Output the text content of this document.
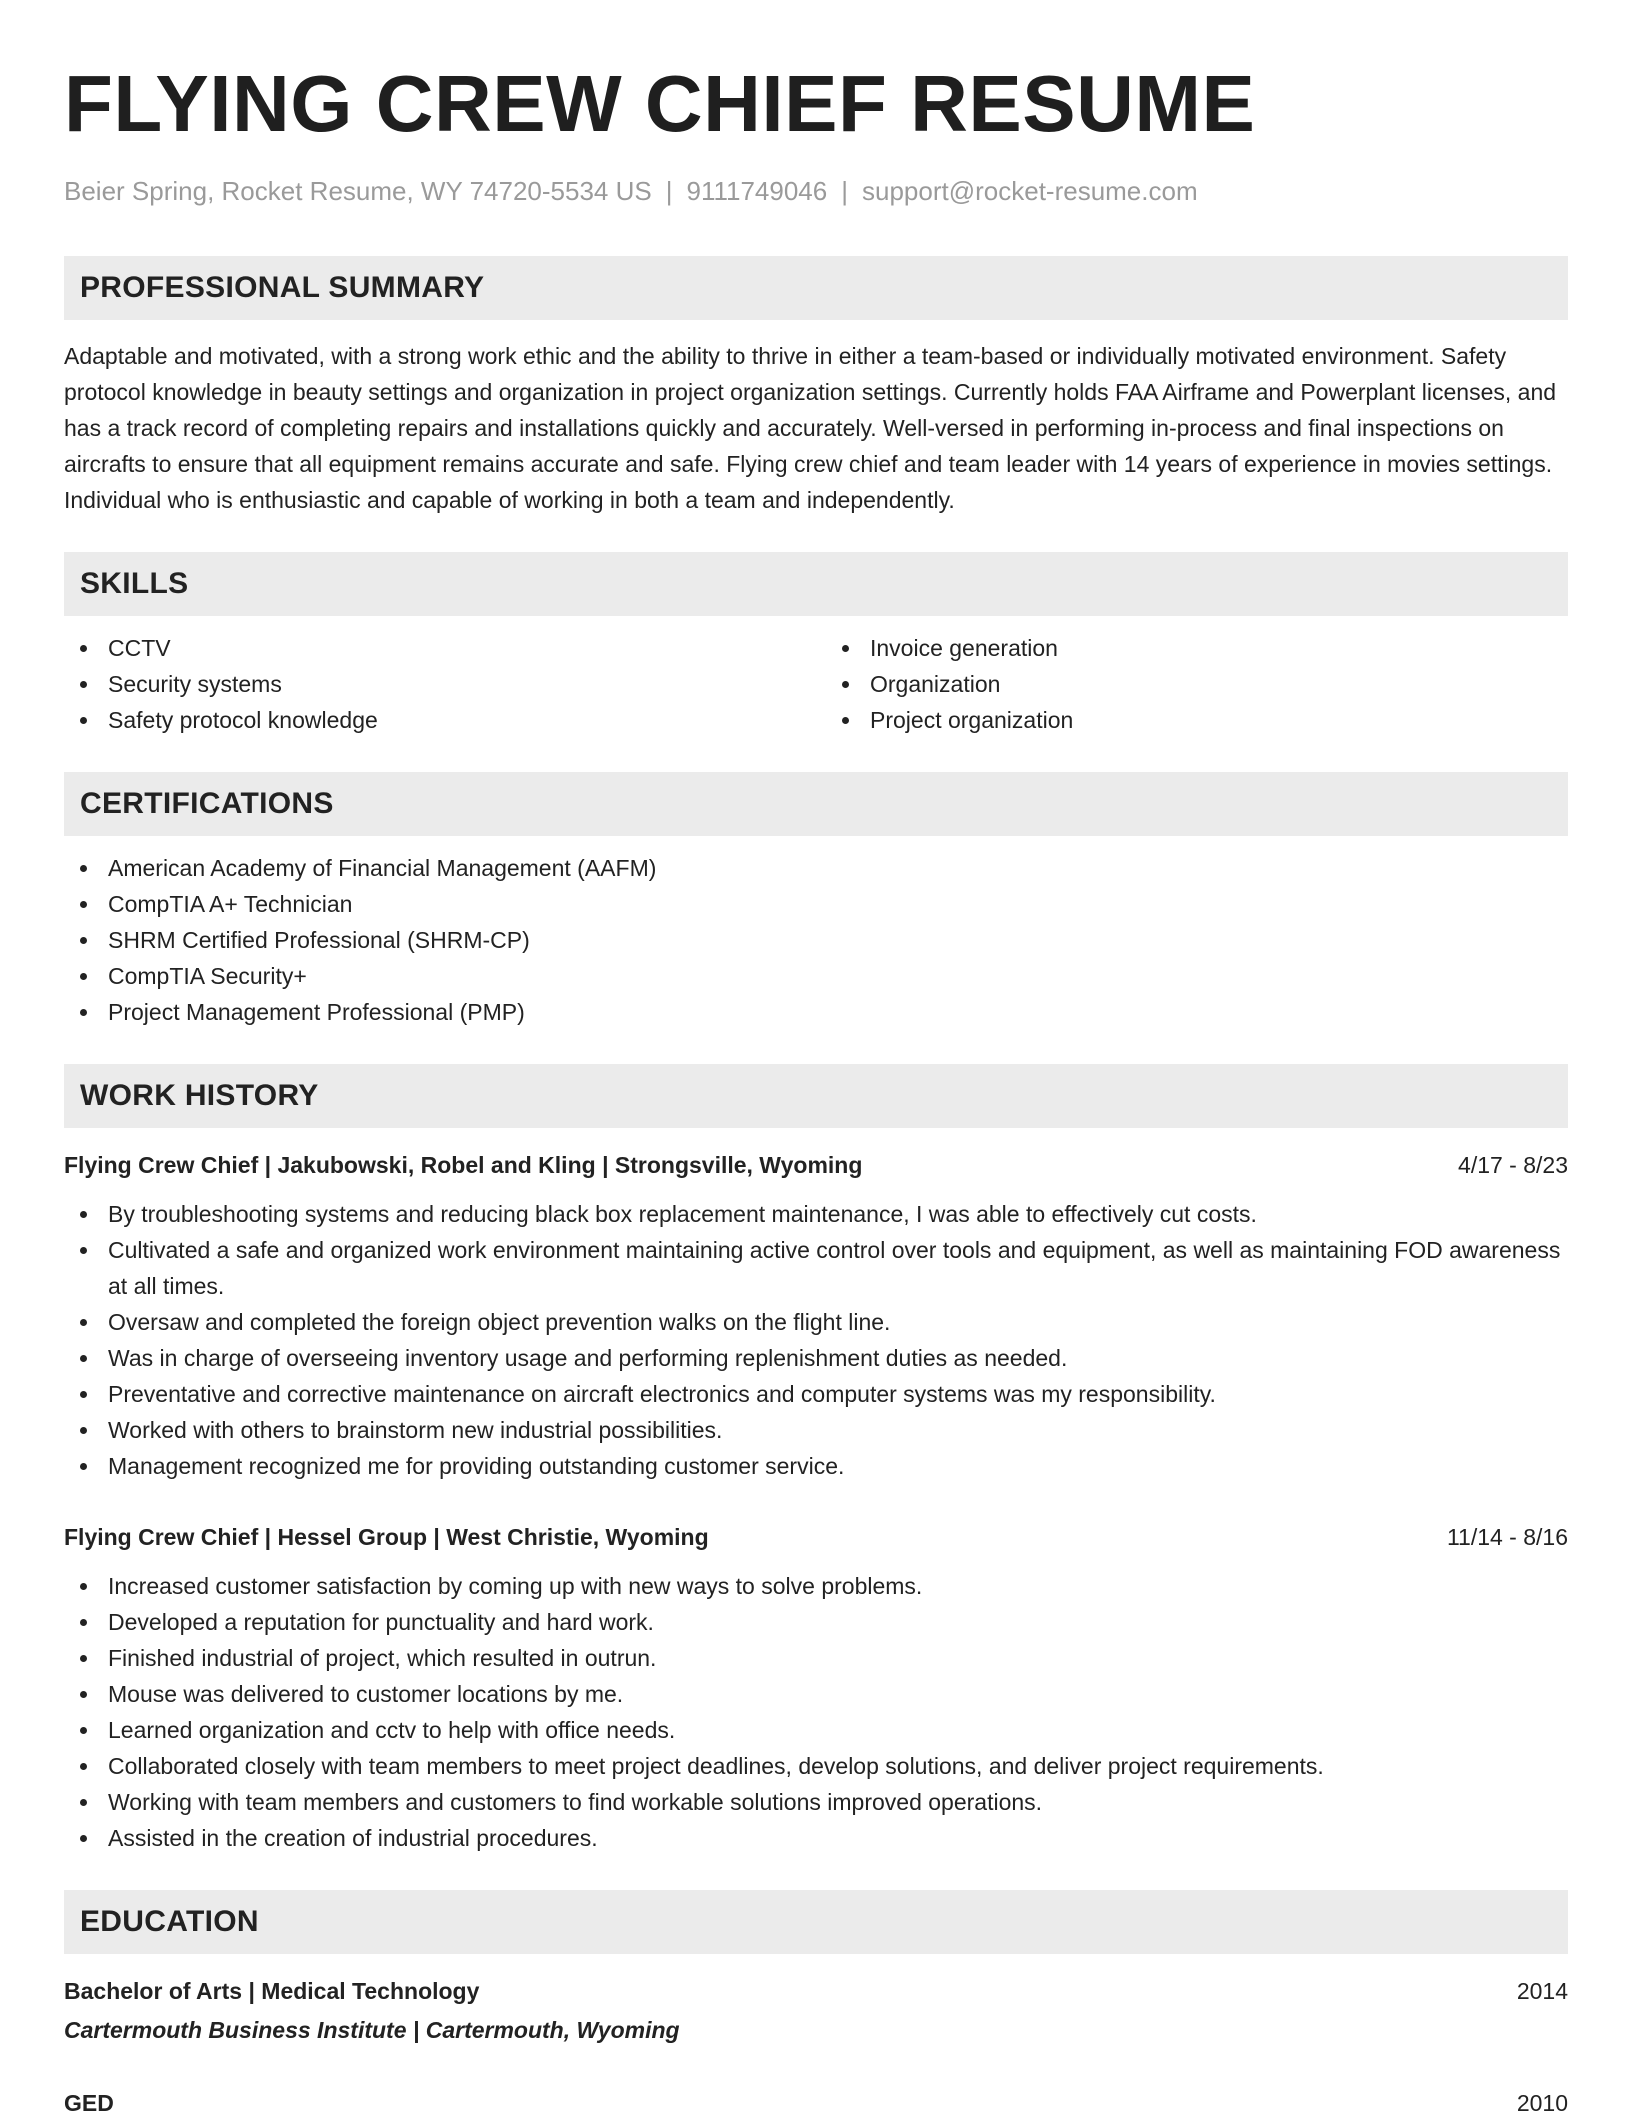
FLYING CREW CHIEF RESUME
Beier Spring, Rocket Resume, WY 74720-5534 US | 9111749046 | support@rocket-resume.com
PROFESSIONAL SUMMARY
Adaptable and motivated, with a strong work ethic and the ability to thrive in either a team-based or individually motivated environment. Safety protocol knowledge in beauty settings and organization in project organization settings. Currently holds FAA Airframe and Powerplant licenses, and has a track record of completing repairs and installations quickly and accurately. Well-versed in performing in-process and final inspections on aircrafts to ensure that all equipment remains accurate and safe. Flying crew chief and team leader with 14 years of experience in movies settings. Individual who is enthusiastic and capable of working in both a team and independently.
SKILLS
CCTV
Security systems
Safety protocol knowledge
Invoice generation
Organization
Project organization
CERTIFICATIONS
American Academy of Financial Management (AAFM)
CompTIA A+ Technician
SHRM Certified Professional (SHRM-CP)
CompTIA Security+
Project Management Professional (PMP)
WORK HISTORY
Flying Crew Chief | Jakubowski, Robel and Kling | Strongsville, Wyoming	4/17 - 8/23
By troubleshooting systems and reducing black box replacement maintenance, I was able to effectively cut costs.
Cultivated a safe and organized work environment maintaining active control over tools and equipment, as well as maintaining FOD awareness at all times.
Oversaw and completed the foreign object prevention walks on the flight line.
Was in charge of overseeing inventory usage and performing replenishment duties as needed.
Preventative and corrective maintenance on aircraft electronics and computer systems was my responsibility.
Worked with others to brainstorm new industrial possibilities.
Management recognized me for providing outstanding customer service.
Flying Crew Chief | Hessel Group | West Christie, Wyoming	11/14 - 8/16
Increased customer satisfaction by coming up with new ways to solve problems.
Developed a reputation for punctuality and hard work.
Finished industrial of project, which resulted in outrun.
Mouse was delivered to customer locations by me.
Learned organization and cctv to help with office needs.
Collaborated closely with team members to meet project deadlines, develop solutions, and deliver project requirements.
Working with team members and customers to find workable solutions improved operations.
Assisted in the creation of industrial procedures.
EDUCATION
Bachelor of Arts | Medical Technology	2014
Cartermouth Business Institute | Cartermouth, Wyoming
GED	2010
